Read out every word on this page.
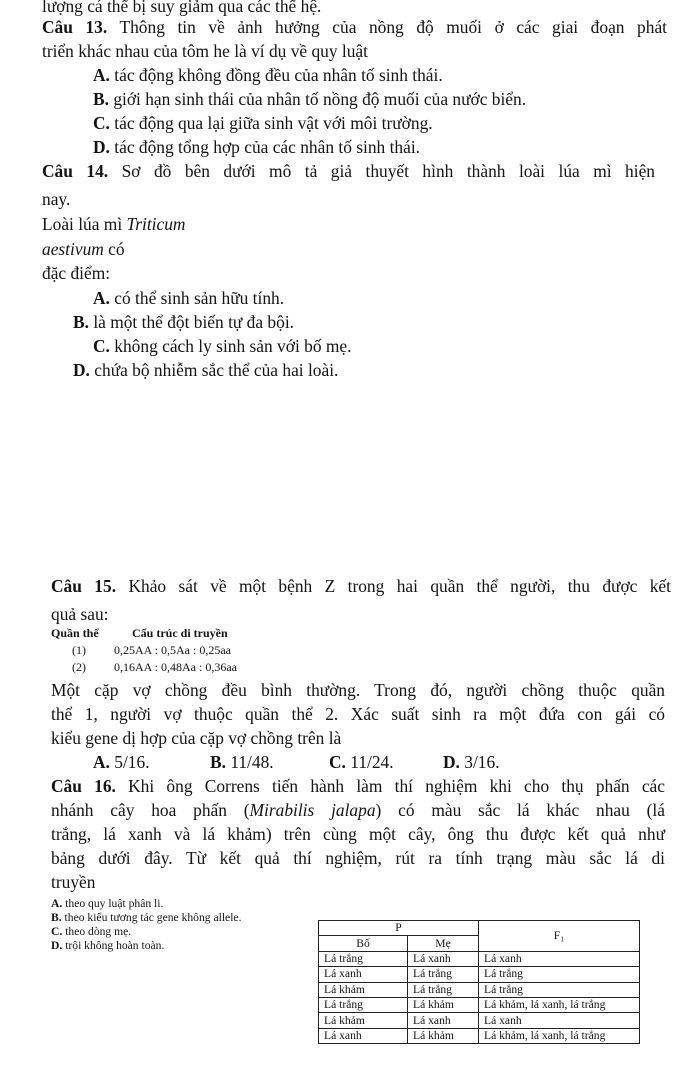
lượng cá thể bị suy giảm qua các thế hệ.
Câu 13. Thông tin về ảnh hưởng của nồng độ muối ở các giai đoạn phát
triển khác nhau của tôm he là ví dụ về quy luật
A. tác động không đồng đều của nhân tố sinh thái.
B. giới hạn sinh thái của nhân tố nồng độ muối của nước biển.
C. tác động qua lại giữa sinh vật với môi trường.
D. tác động tổng hợp của các nhân tố sinh thái.
Câu 14. Sơ đồ bên dưới mô tả giả thuyết hình thành loài lúa mì hiện
nay.
Loài lúa mì Triticum
aestivum có
đặc điểm:
A. có thể sinh sản hữu tính.
B. là một thể đột biến tự đa bội.
C. không cách ly sinh sản với bố mẹ.
D. chứa bộ nhiễm sắc thể của hai loài.
Câu 15. Khảo sát về một bệnh Z trong hai quần thể người, thu được kết
quả sau:
Quần thể	Cấu trúc di truyền
(1) 0,25AA : 0,5Aa : 0,25aa
(2) 0,16AA : 0,48Aa : 0,36aa
Một cặp vợ chồng đều bình thường. Trong đó, người chồng thuộc quần
thể 1, người vợ thuộc quần thể 2. Xác suất sinh ra một đứa con gái có
kiểu gene dị hợp của cặp vợ chồng trên là
A. 5/16.	B. 11/48.	C. 11/24.	D. 3/16.
Câu 16. Khi ông Correns tiến hành làm thí nghiệm khi cho thụ phấn các
nhánh cây hoa phấn (Mirabilis jalapa) có màu sắc lá khác nhau (lá
trắng, lá xanh và lá khảm) trên cùng một cây, ông thu được kết quả như
bảng dưới đây. Từ kết quả thí nghiệm, rút ra tính trạng màu sắc lá di
truyền
A. theo quy luật phân li.
B. theo kiểu tương tác gene không allele.
C. theo dòng mẹ.
D. trội không hoàn toàn.
P		F₁
Bố	Mẹ	
Lá trắng	Lá xanh	Lá xanh
Lá xanh	Lá trắng	Lá trắng
Lá khảm	Lá trắng	Lá trắng
Lá trắng	Lá khảm	Lá khảm, lá xanh, lá trắng
Lá khảm	Lá xanh	Lá xanh
Lá xanh	Lá khảm	Lá khảm, lá xanh, lá trắng
